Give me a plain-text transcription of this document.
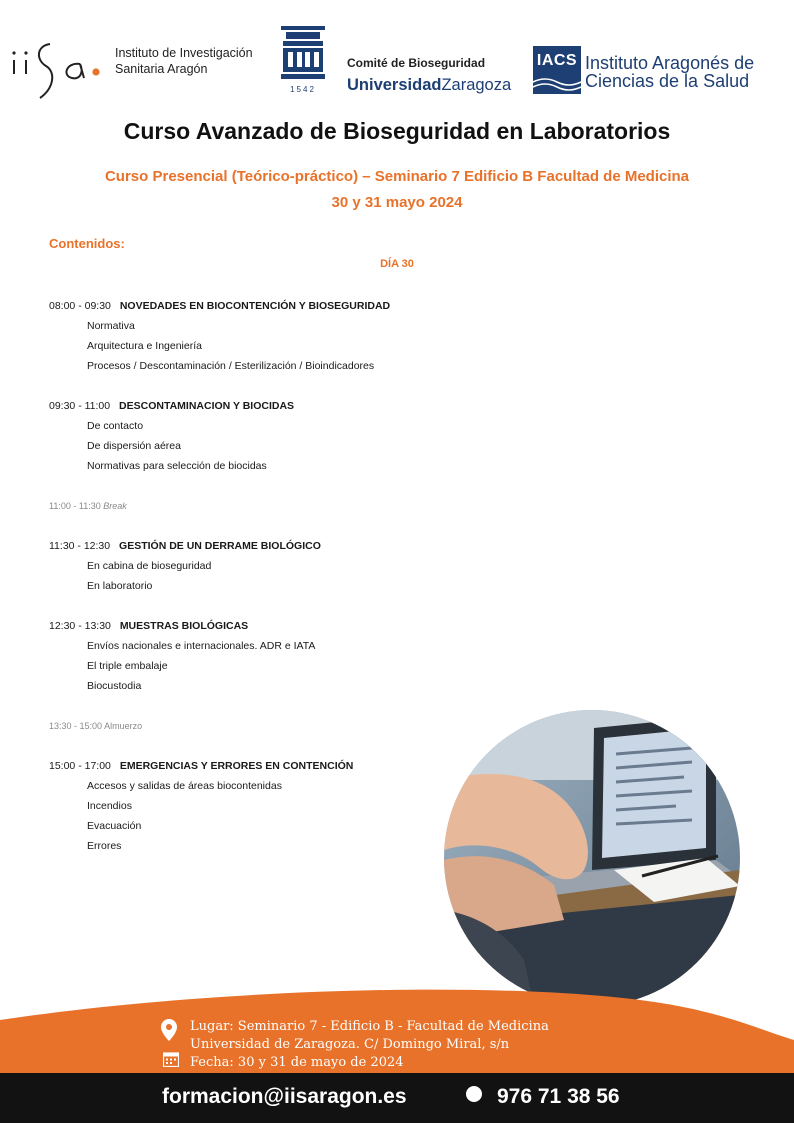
Instituto de Investigación
Sanitaria Aragón
1542
Comité de Bioseguridad
UniversidadZaragoza
IACS Instituto Aragonés de
Ciencias de la Salud
Curso Avanzado de Bioseguridad en Laboratorios
Curso Presencial (Teórico-práctico) – Seminario 7 Edificio B Facultad de Medicina
30 y 31 mayo 2024
Contenidos:
DÍA 30
08:00 - 09:30 NOVEDADES EN BIOCONTENCIÓN Y BIOSEGURIDAD
Normativa
Arquitectura e Ingeniería
Procesos / Descontaminación / Esterilización / Bioindicadores
09:30 - 11:00 DESCONTAMINACION Y BIOCIDAS
De contacto
De dispersión aérea
Normativas para selección de biocidas
11:00 - 11:30 Break
11:30 - 12:30 GESTIÓN DE UN DERRAME BIOLÓGICO
En cabina de bioseguridad
En laboratorio
12:30 - 13:30 MUESTRAS BIOLÓGICAS
Envíos nacionales e internacionales. ADR e IATA
El triple embalaje
Biocustodia
13:30 - 15:00 Almuerzo
15:00 - 17:00 EMERGENCIAS Y ERRORES EN CONTENCIÓN
Accesos y salidas de áreas biocontenidas
Incendios
Evacuación
Errores
Lugar: Seminario 7 - Edificio B - Facultad de Medicina
Universidad de Zaragoza. C/ Domingo Miral, s/n
Fecha: 30 y 31 de mayo de 2024
formacion@iisaragon.es	976 71 38 56
